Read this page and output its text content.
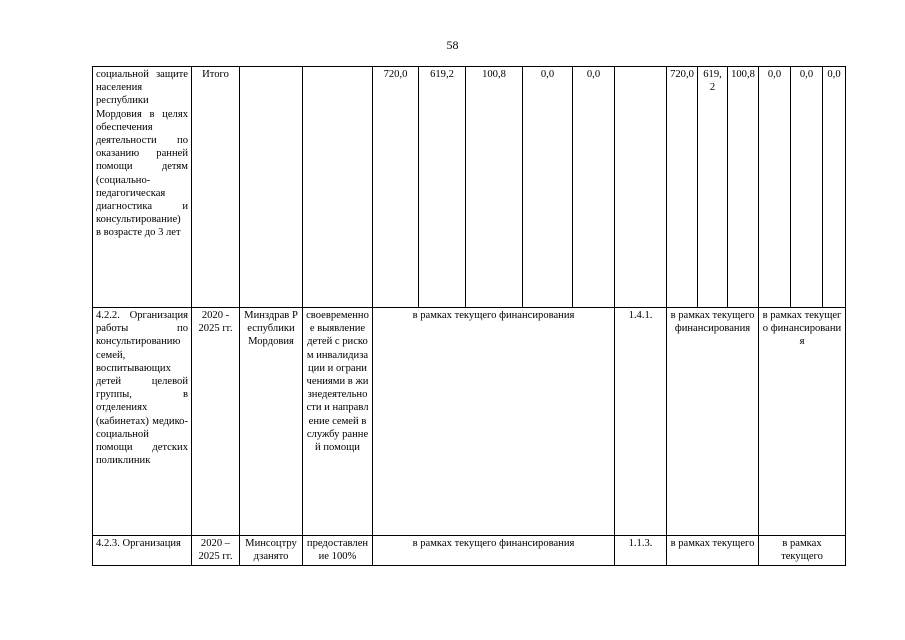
58
социальной защите населения республики Мордовия в целях обеспечения деятельности по оказанию ранней помощи детям (социально-педагогическая диагностика и консультирование) в возрасте до 3 лет	Итого			720,0	619,2	100,8	0,0	0,0		720,0	619,2	100,8	0,0	0,0	0,0
4.2.2. Организация работы по консультированию семей, воспитывающих детей целевой группы, в отделениях (кабинетах) медико-социальной помощи детских поликлиник	2020 - 2025 гг.	Минздрав Республики Мордовия	своевременное выявление детей с риском инвалидизации и ограничениями в жизнедеятельности и направление семей в службу ранней помощи	в рамках текущего финансирования					1.4.1.	в рамках текущего финансирования			в рамках текущего финансирования		
4.2.3. Организация	2020 – 2025 гг.	Минсоцтрудзанято	предоставление 100%	в рамках текущего финансирования					1.1.3.	в рамках текущего			в рамках текущего		
